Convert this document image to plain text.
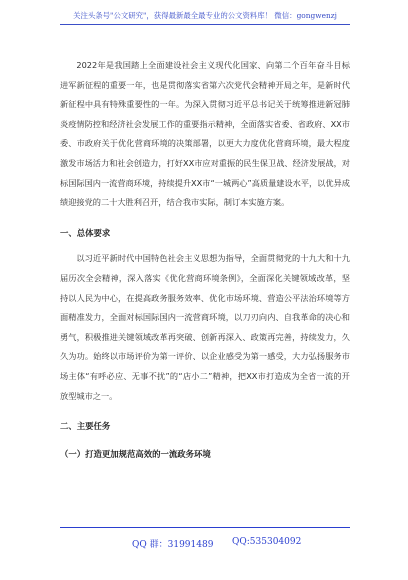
关注头条号"公文研究"，获得最新最全最专业的公文资料库！ 微信：gongwenzj

2022年是我国踏上全面建设社会主义现代化国家、向第二个百年奋斗目标进军新征程的重要一年，也是贯彻落实省第六次党代会精神开局之年，是新时代新征程中具有特殊重要性的一年。为深入贯彻习近平总书记关于统筹推进新冠肺炎疫情防控和经济社会发展工作的重要指示精神，全面落实省委、省政府、XX市委、市政府关于优化营商环境的决策部署，以更大力度优化营商环境，最大程度激发市场活力和社会创造力，打好XX市应对重振的民生保卫战、经济发展战，对标国际国内一流营商环境，持续提升XX市“一城两心”高质量建设水平，以优异成绩迎接党的二十大胜利召开，结合我市实际，制订本实施方案。

一、总体要求

以习近平新时代中国特色社会主义思想为指导，全面贯彻党的十九大和十九届历次全会精神，深入落实《优化营商环境条例》，全面深化关键领域改革，坚持以人民为中心，在提高政务服务效率、优化市场环境、营造公平法治环境等方面精准发力，全面对标国际国内一流营商环境，以刀刃向内、自我革命的决心和勇气，积极推进关键领域改革再突破、创新再深入、政策再完善，持续发力，久久为功。始终以市场评价为第一评价、以企业感受为第一感受，大力弘扬服务市场主体“有呼必应、无事不扰”的“店小二”精神，把XX市打造成为全省一流的开放型城市之一。

二、主要任务
（一）打造更加规范高效的一流政务环境
QQ 群：31991489 QQ:535304092
